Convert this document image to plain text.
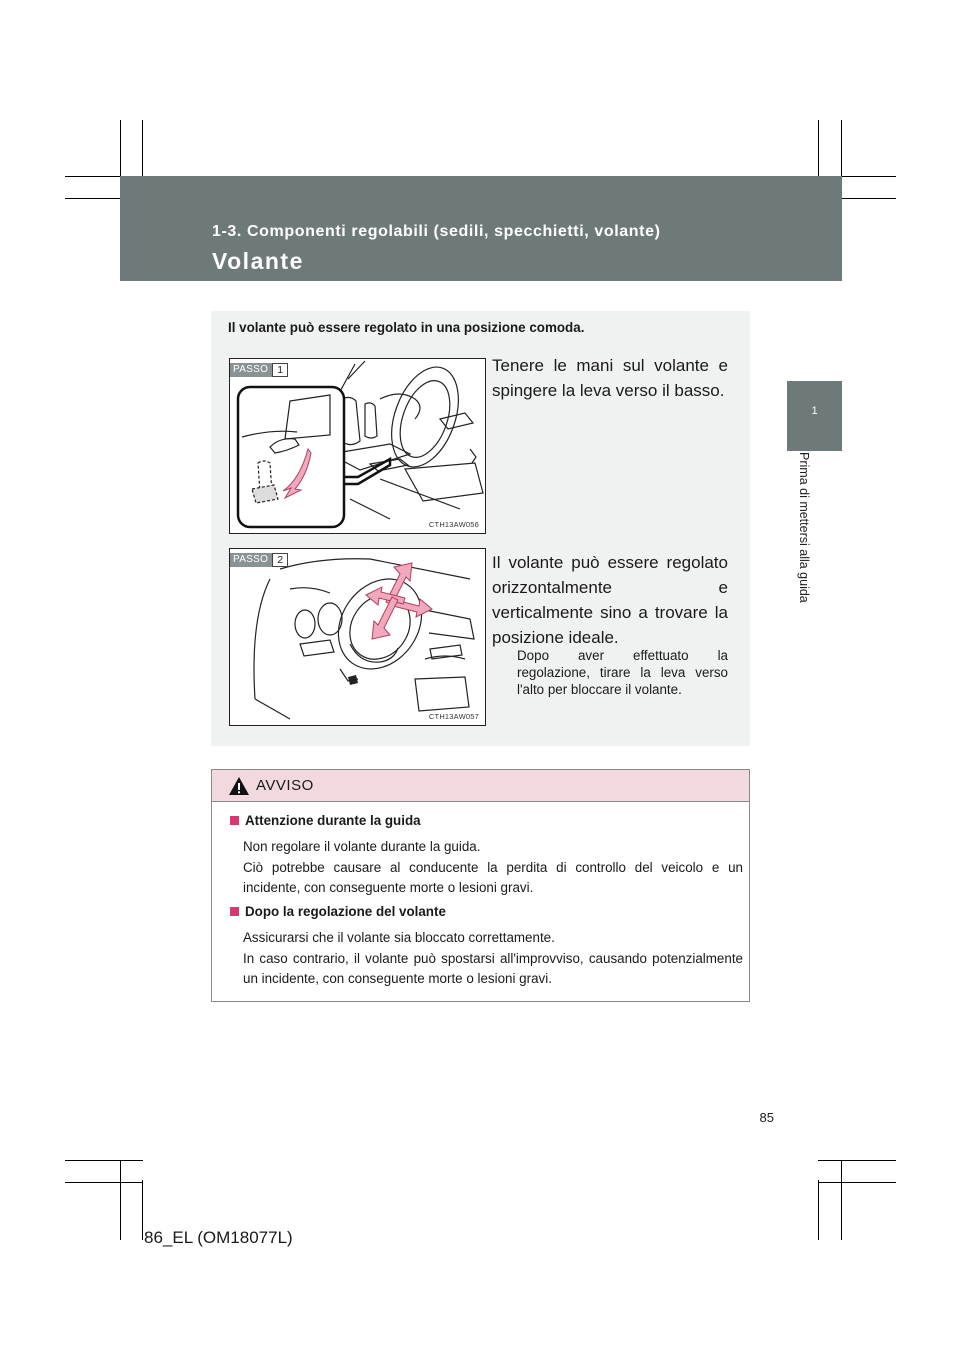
1-3. Componenti regolabili (sedili, specchietti, volante)
Volante
1
Prima di mettersi alla guida
Il volante può essere regolato in una posizione comoda.
PASSO 1
CTH13AW056
Tenere le mani sul volante e spingere la leva verso il basso.
PASSO 2
CTH13AW057
Il volante può essere regolato orizzontalmente e verticalmente sino a trovare la posizione ideale.
Dopo aver effettuato la regolazione, tirare la leva verso l'alto per bloccare il volante.
AVVISO
Attenzione durante la guida

Non regolare il volante durante la guida.

Ciò potrebbe causare al conducente la perdita di controllo del veicolo e un incidente, con conseguente morte o lesioni gravi.

Dopo la regolazione del volante

Assicurarsi che il volante sia bloccato correttamente.

In caso contrario, il volante può spostarsi all'improvviso, causando potenzialmente un incidente, con conseguente morte o lesioni gravi.

85
86_EL (OM18077L)
